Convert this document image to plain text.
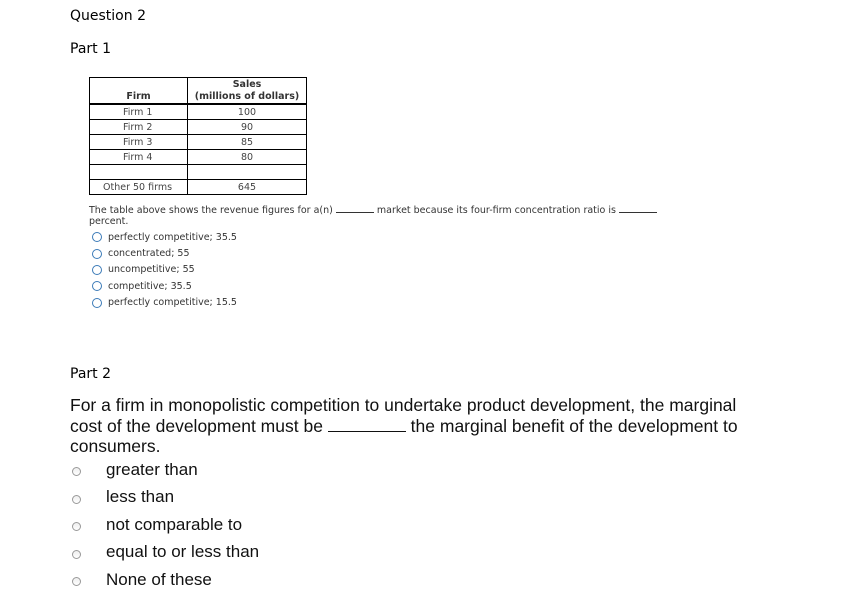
Question 2
Part 1
Firm	Sales
(millions of dollars)
Firm 1	100
Firm 2	90
Firm 3	85
Firm 4	80

Other 50 firms	645
The table above shows the revenue figures for a(n)	market because its four-firm concentration ratio is
percent.
perfectly competitive; 35.5
concentrated; 55
uncompetitive; 55
competitive; 35.5
perfectly competitive; 15.5
Part 2
For a firm in monopolistic competition to undertake product development, the marginal cost of the development must be	the marginal benefit of the development to consumers.
greater than
less than
not comparable to
equal to or less than
None of these
